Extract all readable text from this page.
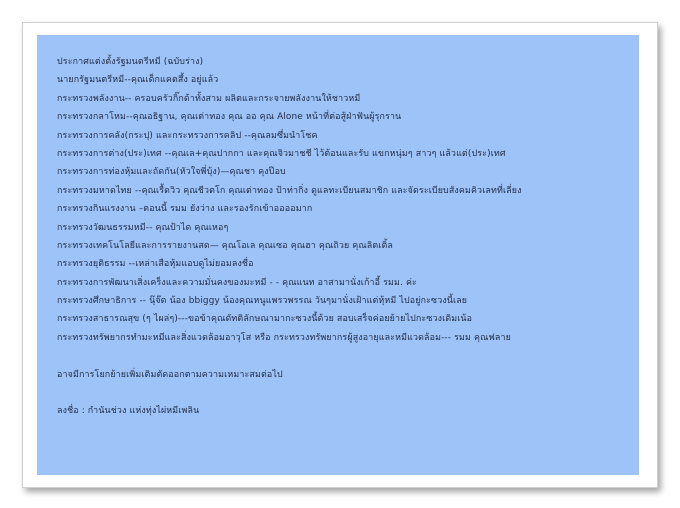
ประกาศแต่งตั้งรัฐมนตรีหมี (ฉบับร่าง)
นายกรัฐมนตรีหมี--คุณเด็กแคตสึ้ง อยู่แล้ว
กระทรวงพลังงาน-- ครอบครัวกิ๊กด้าทั้งสาม ผลิตและกระจายพลังงานให้ชาวหมี
กระทรวงกลาโหม--คุณอธิฐาน, คุณเต่าทอง คุณ ออ คุณ Alone หน้าที่ต่อสู้ฝ่าฟันผู้รุกราน
กระทรวงการคลัง(กระปุ) และกระทรวงการคลิป --คุณลมซึ่มนำโชค
กระทรวงการต่าง(ประ)เทศ --คุณเล+คุณปากกา และคุณจิวมาชชี ไว้ต้อนและรับ แขกหนุ่มๆ สาวๆ แล้วแต่(ประ)เทศ
กระทรวงการท่องหุ้มและถัดกัน(หัวใจพี่บุ้ง)—คุณชา คุงป๊อบ
กระทรวงมหาดไทย --คุณเรื้ดวิว คุณชีวตโก คุณเต่าทอง ป้าท่ากิ่ง ดูแลทะเบียนสมาชิก และจัดระเบียบสังคมคิวเลทที่เลี่ยง
กระทรวงกินแรงงาน –ตอนนี้ รมม ยังว่าง และรองรักเข้าออออมาก
กระทรวงวัฒนธรรมหมี-- คุณป้าได คุณเหอๆ
กระทรวงเทคโนโลยีและการรายงานสด— คุณโอเล คุณเซอ คุณฮา คุณถิวย คุณลิตเติ้ล
กระทรวงยุติธรรม --เหล่าเสือหุ้มแอบดูไม่ยอมลงชื่อ
กระทรวงการพัฒนาเสิ่งเคร็งและความมั่นคงของมะหมี - - คุณแนท อาสามานั่งเก้าอี้ รมม. ค่ะ
กระทรวงศึกษาธิการ -- นุ๊จ๊ต น้อง bbiggy น้องคุณหนูแพรวพรรณ วันๆมานั่งเฝ้าแต่หุ้หมี ไปอยู่กะซวงนี้เลย
กระทรวงสาธารณสุข (ๆ ไผล่ๆ)---ขอข้าคุณดัทติลักษณามากะซวงนี้ด้วย สอบเสร็จค่อยย้ายไปกะซวงเดิมเน้อ
กระทรวงทรัพยากรทำมะหมีและสิ่งแวดล้อมอาวุโส หรือ กระทรวงทรัพยากรผู้สูงอายุและหมีแวดล้อม--- รมม คุณฟลาย
อาจมีการโยกย้ายเพิ่มเติมตัดออกตามความเหมาะสมต่อไป
ลงชื่อ : กำนันช่วง แห่งทุ่งไผ่หมีเพลิน
